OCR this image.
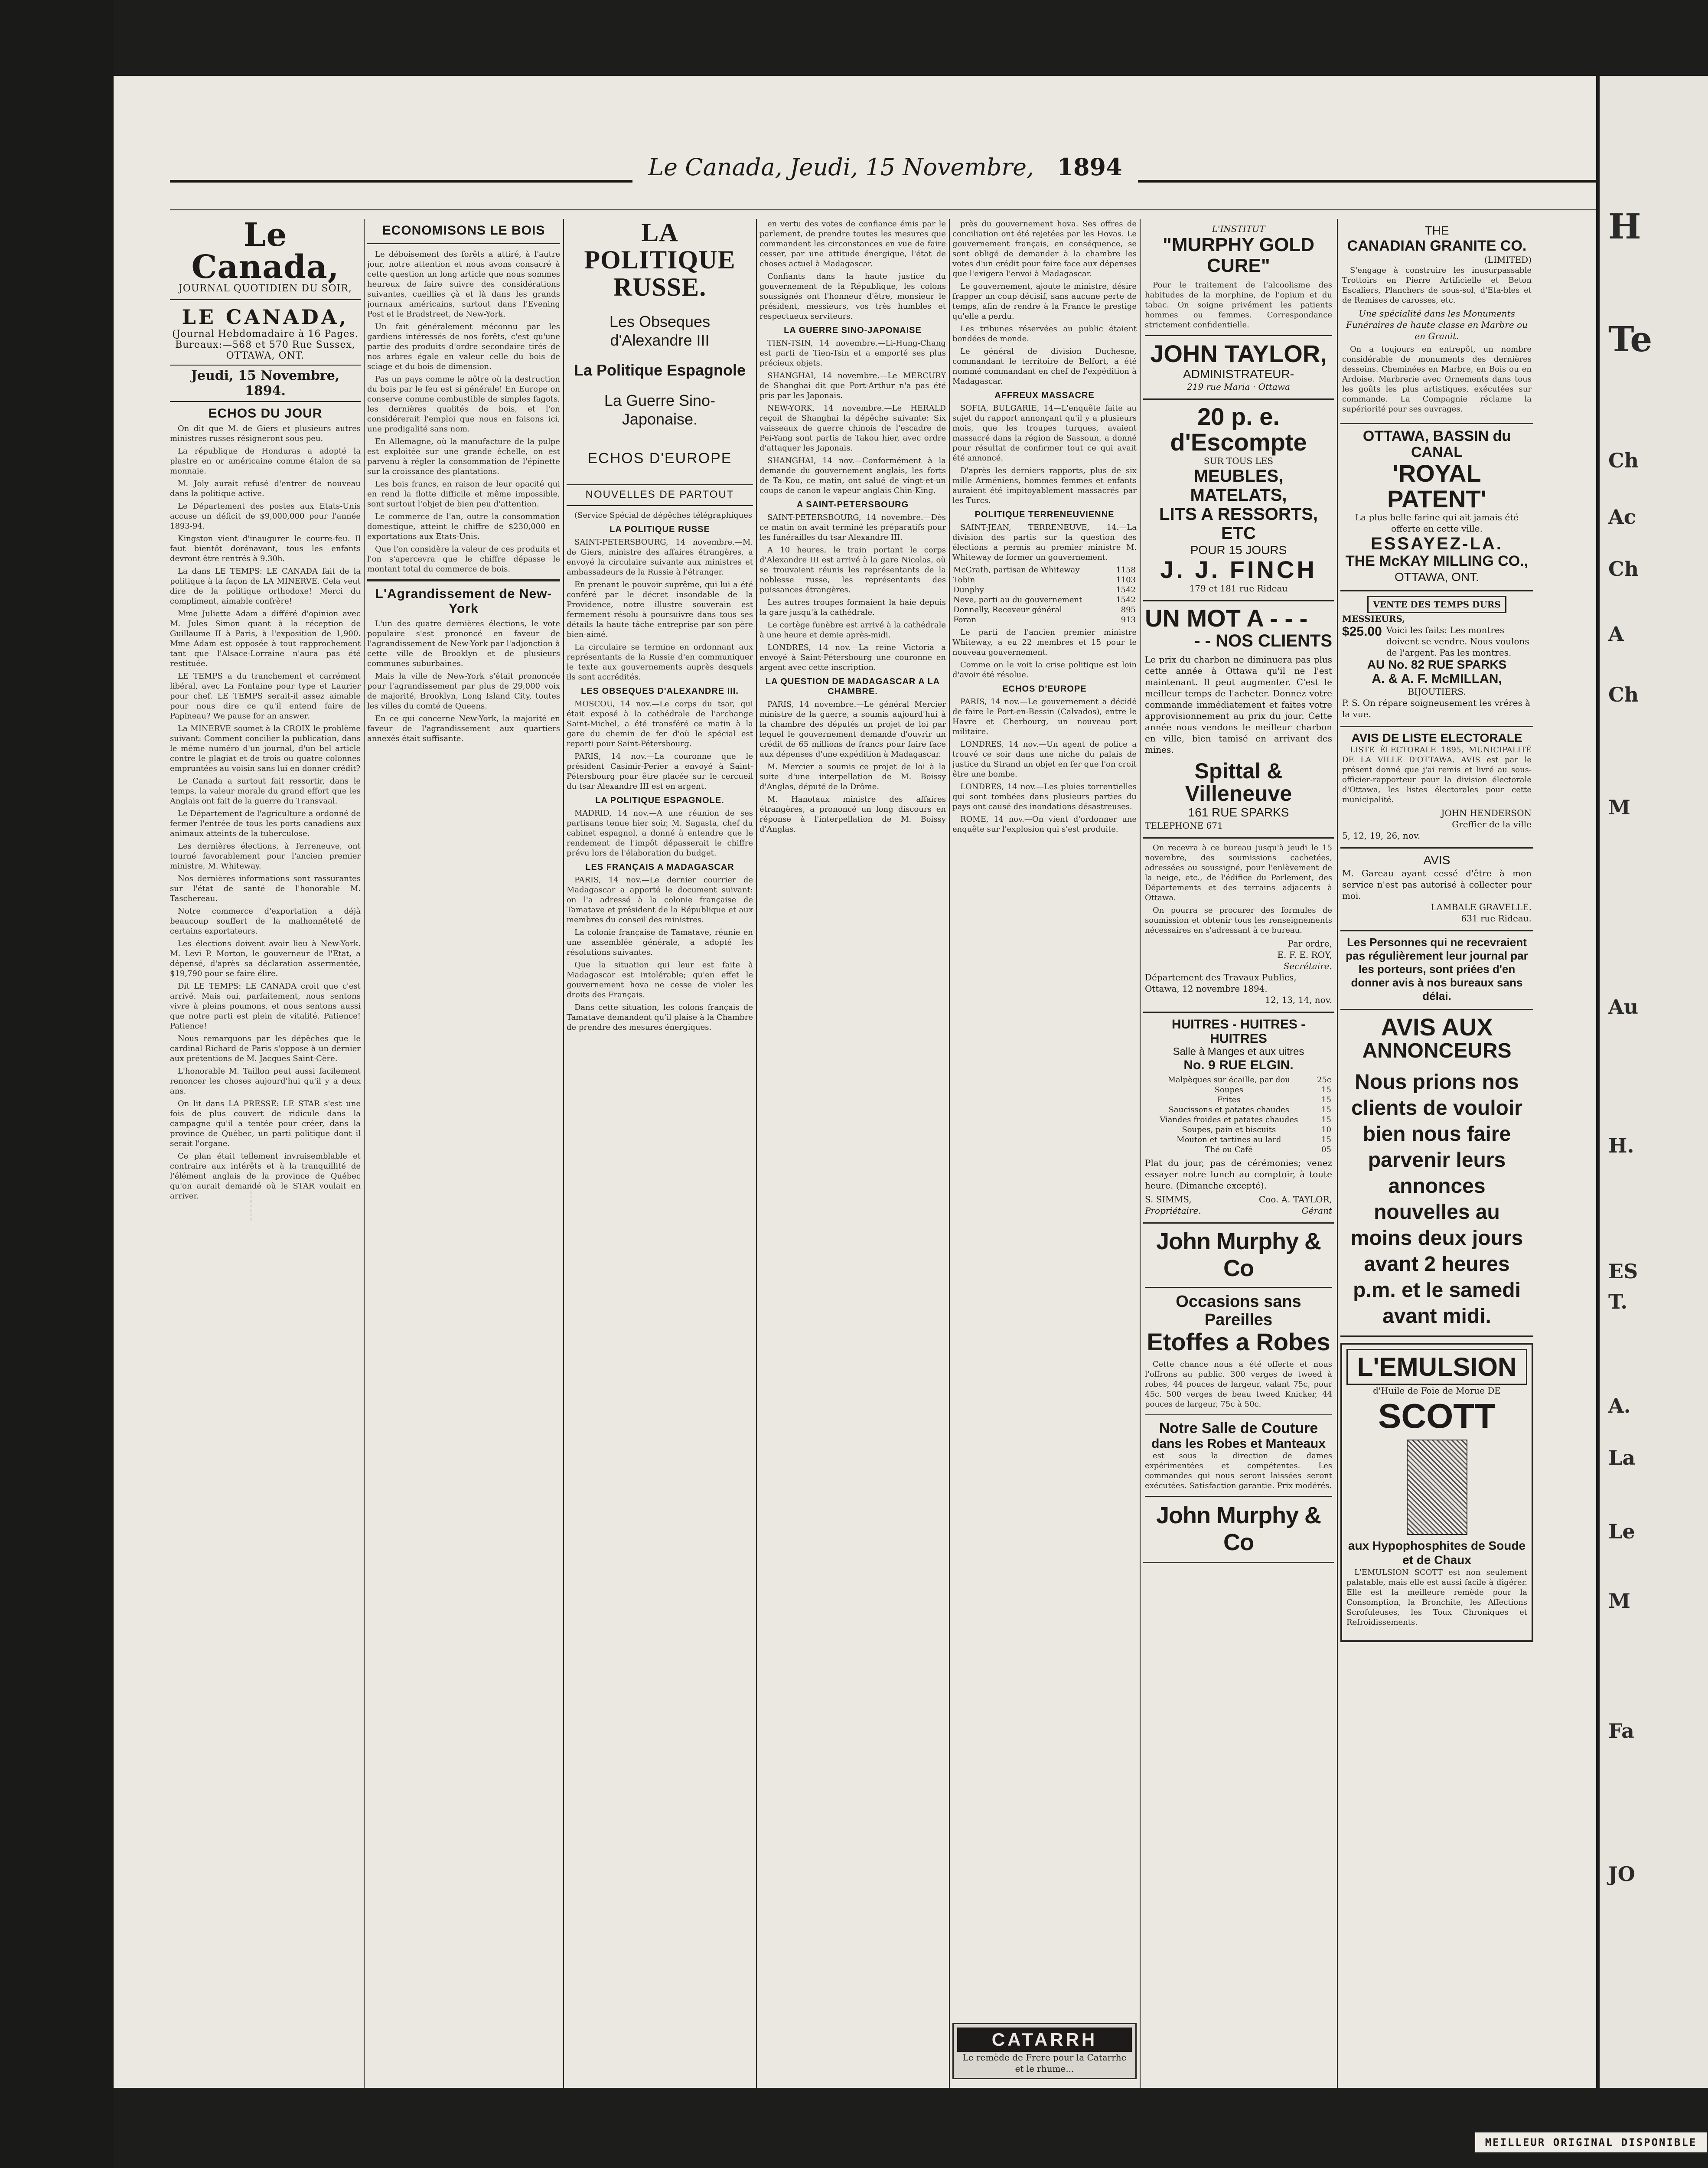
Le Canada, Jeudi, 15 Novembre, 1894
Le Canada,
JOURNAL QUOTIDIEN DU SOIR,
LE CANADA,
(Journal Hebdomadaire à 16 Pages.
Bureaux:—568 et 570 Rue Sussex,
OTTAWA, ONT.
Jeudi, 15 Novembre, 1894.
ECHOS DU JOUR

On dit que M. de Giers et plusieurs autres ministres russes résigneront sous peu.

La république de Honduras a adopté la plastre en or américaine comme étalon de sa monnaie.

M. Joly aurait refusé d'entrer de nouveau dans la politique active.

Le Département des postes aux Etats-Unis accuse un déficit de $9,000,000 pour l'année 1893-94.

Kingston vient d'inaugurer le courre-feu. Il faut bientôt dorénavant, tous les enfants devront être rentrés à 9.30h.

La dans LE TEMPS: LE CANADA fait de la politique à la façon de LA MINERVE. Cela veut dire de la politique orthodoxe! Merci du compliment, aimable confrère!

Mme Juliette Adam a différé d'opinion avec M. Jules Simon quant à la réception de Guillaume II à Paris, à l'exposition de 1,900. Mme Adam est opposée à tout rapprochement tant que l'Alsace-Lorraine n'aura pas été restituée.

LE TEMPS a du tranchement et carrément libéral, avec La Fontaine pour type et Laurier pour chef. LE TEMPS serait-il assez aimable pour nous dire ce qu'il entend faire de Papineau? We pause for an answer.

La MINERVE soumet à la CROIX le problème suivant: Comment concilier la publication, dans le même numéro d'un journal, d'un bel article contre le plagiat et de trois ou quatre colonnes empruntées au voisin sans lui en donner crédit?

Le Canada a surtout fait ressortir, dans le temps, la valeur morale du grand effort que les Anglais ont fait de la guerre du Transvaal.

Le Département de l'agriculture a ordonné de fermer l'entrée de tous les ports canadiens aux animaux atteints de la tuberculose.

Les dernières élections, à Terreneuve, ont tourné favorablement pour l'ancien premier ministre, M. Whiteway.

Nos dernières informations sont rassurantes sur l'état de santé de l'honorable M. Taschereau.

Notre commerce d'exportation a déjà beaucoup souffert de la malhonnêteté de certains exportateurs.

Les élections doivent avoir lieu à New-York. M. Levi P. Morton, le gouverneur de l'Etat, a dépensé, d'après sa déclaration assermentée, $19,790 pour se faire élire.

Dit LE TEMPS: LE CANADA croit que c'est arrivé. Mais oui, parfaitement, nous sentons vivre à pleins poumons, et nous sentons aussi que notre parti est plein de vitalité. Patience! Patience!

Nous remarquons par les dépêches que le cardinal Richard de Paris s'oppose à un dernier aux prétentions de M. Jacques Saint-Cère.

L'honorable M. Taillon peut aussi facilement renoncer les choses aujourd'hui qu'il y a deux ans.

On lit dans LA PRESSE: LE STAR s'est une fois de plus couvert de ridicule dans la campagne qu'il a tentée pour créer, dans la province de Québec, un parti politique dont il serait l'organe.

Ce plan était tellement invraisemblable et contraire aux intérêts et à la tranquillité de l'élément anglais de la province de Québec qu'on aurait demandé où le STAR voulait en arriver.

ECONOMISONS LE BOIS

Le déboisement des forêts a attiré, à l'autre jour, notre attention et nous avons consacré à cette question un long article que nous sommes heureux de faire suivre des considérations suivantes, cueillies çà et là dans les grands journaux américains, surtout dans l'Evening Post et le Bradstreet, de New-York.

Un fait généralement méconnu par les gardiens intéressés de nos forêts, c'est qu'une partie des produits d'ordre secondaire tirés de nos arbres égale en valeur celle du bois de sciage et du bois de dimension.

Pas un pays comme le nôtre où la destruction du bois par le feu est si générale! En Europe on conserve comme combustible de simples fagots, les dernières qualités de bois, et l'on considérerait l'emploi que nous en faisons ici, une prodigalité sans nom.

En Allemagne, où la manufacture de la pulpe est exploitée sur une grande échelle, on est parvenu à régler la consommation de l'épinette sur la croissance des plantations.

Les bois francs, en raison de leur opacité qui en rend la flotte difficile et même impossible, sont surtout l'objet de bien peu d'attention.

Le commerce de l'an, outre la consommation domestique, atteint le chiffre de $230,000 en exportations aux Etats-Unis.

Que l'on considère la valeur de ces produits et l'on s'apercevra que le chiffre dépasse le montant total du commerce de bois.

L'Agrandissement de New-York

L'un des quatre dernières élections, le vote populaire s'est prononcé en faveur de l'agrandissement de New-York par l'adjonction à cette ville de Brooklyn et de plusieurs communes suburbaines.

Mais la ville de New-York s'était prononcée pour l'agrandissement par plus de 29,000 voix de majorité, Brooklyn, Long Island City, toutes les villes du comté de Queens.

En ce qui concerne New-York, la majorité en faveur de l'agrandissement aux quartiers annexés était suffisante.

LA POLITIQUE RUSSE.
Les Obseques d'Alexandre III
La Politique Espagnole
La Guerre Sino-Japonaise.
ECHOS D'EUROPE
NOUVELLES DE PARTOUT

(Service Spécial de dépêches télégraphiques

LA POLITIQUE RUSSE

SAINT-PETERSBOURG, 14 novembre.—M. de Giers, ministre des affaires étrangères, a envoyé la circulaire suivante aux ministres et ambassadeurs de la Russie à l'étranger.

En prenant le pouvoir suprême, qui lui a été conféré par le décret insondable de la Providence, notre illustre souverain est fermement résolu à poursuivre dans tous ses détails la haute tâche entreprise par son père bien-aimé.

La circulaire se termine en ordonnant aux représentants de la Russie d'en communiquer le texte aux gouvernements auprès desquels ils sont accrédités.

LES OBSEQUES D'ALEXANDRE III.

MOSCOU, 14 nov.—Le corps du tsar, qui était exposé à la cathédrale de l'archange Saint-Michel, a été transféré ce matin à la gare du chemin de fer d'où le spécial est reparti pour Saint-Pétersbourg.

PARIS, 14 nov.—La couronne que le président Casimir-Perier a envoyé à Saint-Pétersbourg pour être placée sur le cercueil du tsar Alexandre III est en argent.

LA POLITIQUE ESPAGNOLE.

MADRID, 14 nov.—A une réunion de ses partisans tenue hier soir, M. Sagasta, chef du cabinet espagnol, a donné à entendre que le rendement de l'impôt dépasserait le chiffre prévu lors de l'élaboration du budget.

LES FRANÇAIS A MADAGASCAR

PARIS, 14 nov.—Le dernier courrier de Madagascar a apporté le document suivant: on l'a adressé à la colonie française de Tamatave et président de la République et aux membres du conseil des ministres.

La colonie française de Tamatave, réunie en une assemblée générale, a adopté les résolutions suivantes.

Que la situation qui leur est faite à Madagascar est intolérable; qu'en effet le gouvernement hova ne cesse de violer les droits des Français.

Dans cette situation, les colons français de Tamatave demandent qu'il plaise à la Chambre de prendre des mesures énergiques.

en vertu des votes de confiance émis par le parlement, de prendre toutes les mesures que commandent les circonstances en vue de faire cesser, par une attitude énergique, l'état de choses actuel à Madagascar.

Confiants dans la haute justice du gouvernement de la République, les colons soussignés ont l'honneur d'être, monsieur le président, messieurs, vos très humbles et respectueux serviteurs.

LA GUERRE SINO-JAPONAISE

TIEN-TSIN, 14 novembre.—Li-Hung-Chang est parti de Tien-Tsin et a emporté ses plus précieux objets.

SHANGHAI, 14 novembre.—Le MERCURY de Shanghai dit que Port-Arthur n'a pas été pris par les Japonais.

NEW-YORK, 14 novembre.—Le HERALD reçoit de Shanghai la dépêche suivante: Six vaisseaux de guerre chinois de l'escadre de Pei-Yang sont partis de Takou hier, avec ordre d'attaquer les Japonais.

SHANGHAI, 14 nov.—Conformément à la demande du gouvernement anglais, les forts de Ta-Kou, ce matin, ont salué de vingt-et-un coups de canon le vapeur anglais Chin-King.

A SAINT-PETERSBOURG

SAINT-PETERSBOURG, 14 novembre.—Dès ce matin on avait terminé les préparatifs pour les funérailles du tsar Alexandre III.

A 10 heures, le train portant le corps d'Alexandre III est arrivé à la gare Nicolas, où se trouvaient réunis les représentants de la noblesse russe, les représentants des puissances étrangères.

Les autres troupes formaient la haie depuis la gare jusqu'à la cathédrale.

Le cortège funèbre est arrivé à la cathédrale à une heure et demie après-midi.

LONDRES, 14 nov.—La reine Victoria a envoyé à Saint-Pétersbourg une couronne en argent avec cette inscription.

LA QUESTION DE MADAGASCAR A LA CHAMBRE.

PARIS, 14 novembre.—Le général Mercier ministre de la guerre, a soumis aujourd'hui à la chambre des députés un projet de loi par lequel le gouvernement demande d'ouvrir un crédit de 65 millions de francs pour faire face aux dépenses d'une expédition à Madagascar.

M. Mercier a soumis ce projet de loi à la suite d'une interpellation de M. Boissy d'Anglas, député de la Drôme.

M. Hanotaux ministre des affaires étrangères, a prononcé un long discours en réponse à l'interpellation de M. Boissy d'Anglas.

près du gouvernement hova. Ses offres de conciliation ont été rejetées par les Hovas. Le gouvernement français, en conséquence, se sont obligé de demander à la chambre les votes d'un crédit pour faire face aux dépenses que l'exigera l'envoi à Madagascar.

Le gouvernement, ajoute le ministre, désire frapper un coup décisif, sans aucune perte de temps, afin de rendre à la France le prestige qu'elle a perdu.

Les tribunes réservées au public étaient bondées de monde.

Le général de division Duchesne, commandant le territoire de Belfort, a été nommé commandant en chef de l'expédition à Madagascar.

AFFREUX MASSACRE

SOFIA, BULGARIE, 14—L'enquête faite au sujet du rapport annonçant qu'il y a plusieurs mois, que les troupes turques, avaient massacré dans la région de Sassoun, a donné pour résultat de confirmer tout ce qui avait été annoncé.

D'après les derniers rapports, plus de six mille Arméniens, hommes femmes et enfants auraient été impitoyablement massacrés par les Turcs.

POLITIQUE TERRENEUVIENNE

SAINT-JEAN, TERRENEUVE, 14.—La division des partis sur la question des élections a permis au premier ministre M. Whiteway de former un gouvernement.

McGrath, partisan de Whiteway	1158
Tobin	1103
Dunphy	1542
Neve, parti au du gouvernement	1542
Donnelly, Receveur général	895
Foran	913

Le parti de l'ancien premier ministre Whiteway, a eu 22 membres et 15 pour le nouveau gouvernement.

Comme on le voit la crise politique est loin d'avoir été résolue.

ECHOS D'EUROPE

PARIS, 14 nov.—Le gouvernement a décidé de faire le Port-en-Bessin (Calvados), entre le Havre et Cherbourg, un nouveau port militaire.

LONDRES, 14 nov.—Un agent de police a trouvé ce soir dans une niche du palais de justice du Strand un objet en fer que l'on croit être une bombe.

LONDRES, 14 nov.—Les pluies torrentielles qui sont tombées dans plusieurs parties du pays ont causé des inondations désastreuses.

ROME, 14 nov.—On vient d'ordonner une enquête sur l'explosion qui s'est produite.

L'INSTITUT
"MURPHY GOLD CURE"

Pour le traitement de l'alcoolisme des habitudes de la morphine, de l'opium et du tabac. On soigne privément les patients hommes ou femmes. Correspondance strictement confidentielle.

JOHN TAYLOR,
ADMINISTRATEUR-
219 rue Maria · Ottawa
20 p. e. d'Escompte
SUR TOUS LES
MEUBLES,
MATELATS,
LITS A RESSORTS, ETC
POUR 15 JOURS
J. J. FINCH
179 et 181 rue Rideau
UN MOT A - - -
- - NOS CLIENTS
Le prix du charbon ne diminuera pas plus cette année à Ottawa qu'il ne l'est maintenant. Il peut augmenter. C'est le meilleur temps de l'acheter. Donnez votre commande immédiatement et faites votre approvisionnement au prix du jour. Cette année nous vendons le meilleur charbon en ville, bien tamisé en arrivant des mines.
Spittal & Villeneuve
161 RUE SPARKS
TELEPHONE 671

On recevra à ce bureau jusqu'à jeudi le 15 novembre, des soumissions cachetées, adressées au soussigné, pour l'enlèvement de la neige, etc., de l'édifice du Parlement, des Départements et des terrains adjacents à Ottawa.

On pourra se procurer des formules de soumission et obtenir tous les renseignements nécessaires en s'adressant à ce bureau.

Par ordre,
E. F. E. ROY,
Secrétaire.
Département des Travaux Publics, Ottawa, 12 novembre 1894.
12, 13, 14, nov.
HUITRES - HUITRES - HUITRES
Salle à Manges et aux uitres
No. 9 RUE ELGIN.
Malpèques sur écaille, par dou	25c
Soupes	15
Frites	15
Saucissons et patates chaudes	15
Viandes froides et patates chaudes	15
Soupes, pain et biscuits	10
Mouton et tartines au lard	15
Thé ou Café	05
Plat du jour, pas de cérémonies; venez essayer notre lunch au comptoir, à toute heure. (Dimanche excepté).
S. SIMMS,
Propriétaire.
Coo. A. TAYLOR,
Gérant
John Murphy & Co
Occasions sans Pareilles
Etoffes a Robes

Cette chance nous a été offerte et nous l'offrons au public. 300 verges de tweed à robes, 44 pouces de largeur, valant 75c, pour 45c. 500 verges de beau tweed Knicker, 44 pouces de largeur, 75c à 50c.

Notre Salle de Couture
dans les Robes et Manteaux

est sous la direction de dames expérimentées et compétentes. Les commandes qui nous seront laissées seront exécutées. Satisfaction garantie. Prix modérés.

John Murphy & Co
THE
CANADIAN GRANITE CO.
(LIMITED)

S'engage à construire les inusurpassable Trottoirs en Pierre Artificielle et Beton Escaliers, Planchers de sous-sol, d'Eta-bles et de Remises de carosses, etc.

Une spécialité dans les Monuments Funéraires de haute classe en Marbre ou en Granit.

On a toujours en entrepôt, un nombre considérable de monuments des dernières desseins. Cheminées en Marbre, en Bois ou en Ardoise. Marbrerie avec Ornements dans tous les goûts les plus artistiques, exécutées sur commande. La Compagnie réclame la supériorité pour ses ouvrages.

OTTAWA, BASSIN du CANAL
'ROYAL PATENT'
La plus belle farine qui ait jamais été offerte en cette ville.
ESSAYEZ-LA.
THE McKAY MILLING CO.,
OTTAWA, ONT.
VENTE DES TEMPS DURS
MESSIEURS,
$25.00 Voici les faits: Les montres doivent se vendre. Nous voulons de l'argent. Pas les montres.
AU No. 82 RUE SPARKS
A. & A. F. McMILLAN,
BIJOUTIERS.
P. S. On répare soigneusement les vréres à la vue.
AVIS DE LISTE ELECTORALE

LISTE ÉLECTORALE 1895, MUNICIPALITÉ DE LA VILLE D'OTTAWA. AVIS est par le présent donné que j'ai remis et livré au sous-officier-rapporteur pour la division électorale d'Ottawa, les listes électorales pour cette municipalité.

JOHN HENDERSON
Greffier de la ville
5, 12, 19, 26, nov.
AVIS
M. Gareau ayant cessé d'être à mon service n'est pas autorisé à collecter pour moi.
LAMBALE GRAVELLE.
631 rue Rideau.
Les Personnes qui ne recevraient pas régulièrement leur journal par les porteurs, sont priées d'en donner avis à nos bureaux sans délai.
AVIS AUX
ANNONCEURS
Nous prions nos clients de vouloir bien nous faire parvenir leurs annonces nouvelles au moins deux jours avant 2 heures p.m. et le samedi avant midi.
L'EMULSION
d'Huile de Foie de Morue DE
SCOTT
aux Hypophosphites de Soude et de Chaux

L'EMULSION SCOTT est non seulement palatable, mais elle est aussi facile à digérer. Elle est la meilleure remède pour la Consomption, la Bronchite, les Affections Scrofuleuses, les Toux Chroniques et Refroidissements.

CATARRH
Le remède de Frere pour la Catarrhe et le rhume...
H
Te
Ch
Ac
Ch
A
Ch
M
Au
H.
ES
T.
A.
La
Le
M
Fa
JO
MEILLEUR ORIGINAL DISPONIBLE
